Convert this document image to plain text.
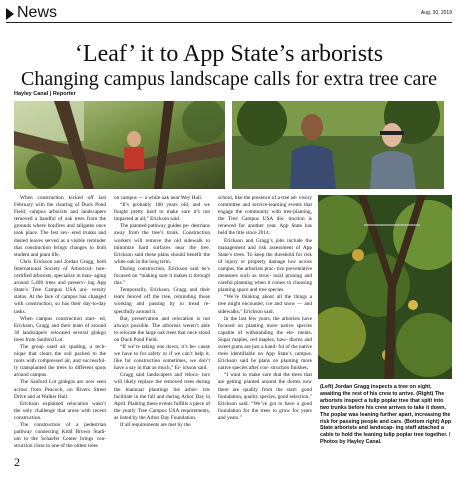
News	Aug. 30, 2019
‘Leaf’ it to App State’s arborists
Changing campus landscape calls for extra tree care
Hayley Canal | Reporter

When construction kicked off last February with the clearing of Duck Pond Field, campus arborists and landscapers removed a handful of oak trees from the grounds where bonfires and tailgates once took place. The fest sev- ered trunks and dusted leaves served as a visible reminder that construction brings changes to both student and plant life.

Chris Erickson and Jordan Gragg, both International Society of Arboricul- ture-certified arborists, specialize in man- aging around 5,400 trees and preserv- ing App State’s Tree Campus USA uni- versity status. At the face of campus has changed with construction, so has their day-to-day tasks.

When campus construction start- ed, Erickson, Gragg and their team of around 30 landscapers relocated several ginkgo trees from Sanford Lot.

The group used air spading, a tech- nique that clears the soil packed to the roots with compressed air, and successful- ly transplanted the trees to different spots around campus.

The Sanford Lot ginkgos are now seen across from Peacock, on Rivers Street Drive and at Walker Hall.

Erickson explained relocation wasn’t the only challenge that arose with recent construction.

The construction of a pedestrian pathway connecting Kidd Brown Stadi- um to the Schaefer Center brings con- struction close to one of the oldest trees

on campus — a white oak near Wey Hall.

“It’s probably 100 years old, and we fought pretty hard to make sure it’s not impacted at all,” Erickson said.

The planned pathway guides pe- destrians away from the tree’s trunk. Construction workers will remove the old sidewalk to minimize hard surfaces near the tree. Erickson said these plans should benefit the white oak in the long term.

During construction, Erickson said he’s focused on “making sure it makes it through this.”

Temporarily, Erickson, Gragg and their team fenced off the tree, reminding those working and passing by to tread re- spectfully around it.

But, preservation and relocation is not always possible. The arborists weren’t able to relocate the large oak trees that once stood on Duck Pond Field.

“If we’re taking one down, it’s be- cause we have to for safety or if we can’t help it, like for construction sometimes, we don’t have a say in that as much,” Er- ickson said.

Gragg said landscapers and reloca- tors will likely replace the removed trees during the biannual plantings the arbor- ists facilitate in the fall and during Arbor Day in April. Planting these events fulfills a piece of the yearly Tree Campus USA requirements, as listed by the Arbor Day Foundation.

If all requirements are met by the

school, like the presence of a tree ad- visory committee and service-learning events that engage the community with tree-planting, the Tree Campus USA dis- tinction is renewed for another year. App State has held the title since 2014.

Erickson and Gragg’s jobs include the management and risk assessment of App State’s trees. To keep the threshold for risk of injury or property damage low across campus, the arborists prac- tice preventative measures such as struc- tural pruning and careful planning when it comes to choosing planting space and tree species.

“We’re thinking about all the things a tree might encounter, ice and snow — and sidewalks,” Erickson said.

In the last few years, the arborists have focused on planting more native species capable of withstanding the ele- ments. Sugar maples, red maples, haw- thorns and sweet gums are just a hand- ful of the native trees identifiable on App State’s campus. Erickson said he plans on planting more native species after con- struction finishes.

“I want to make sure that the trees that are getting planted around the dorms now there are quality from the start: good foundation, quality species, good selection,” Erickson said. “We’ve got to have a good foundation for the trees to grow for years and years.”

(Left) Jordan Gragg inspects a tree on sight, awaiting the rest of his crew to arrive. (Right) The arborists inspect a tulip poplar tree that split into two trunks before his crew arrives to take it down. The poplar was leaning further apart, increasing the risk for passing people and cars. (Bottom right) App State arborists and landscap- ing staff attached a cable to hold the leaning tulip poplar tree together. / Photos by Hayley Canal.
2
